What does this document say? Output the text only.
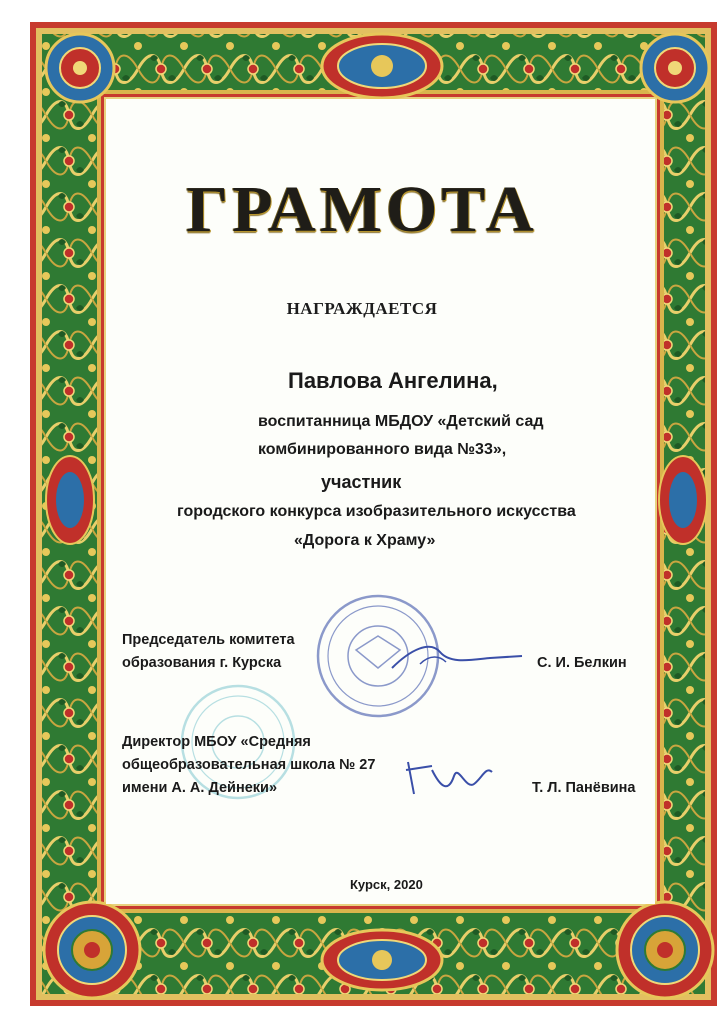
ГРАМОТА
НАГРАЖДАЕТСЯ
Павлова Ангелина,
воспитанница МБДОУ «Детский сад
комбинированного вида №33»,
участник
городского конкурса изобразительного искусства
«Дорога к Храму»
Председатель комитета
образования г. Курска	С. И. Белкин
Директор МБОУ «Средняя
общеобразовательная школа № 27
имени А. А. Дейнеки»	Т. Л. Панёвина
Курск, 2020
